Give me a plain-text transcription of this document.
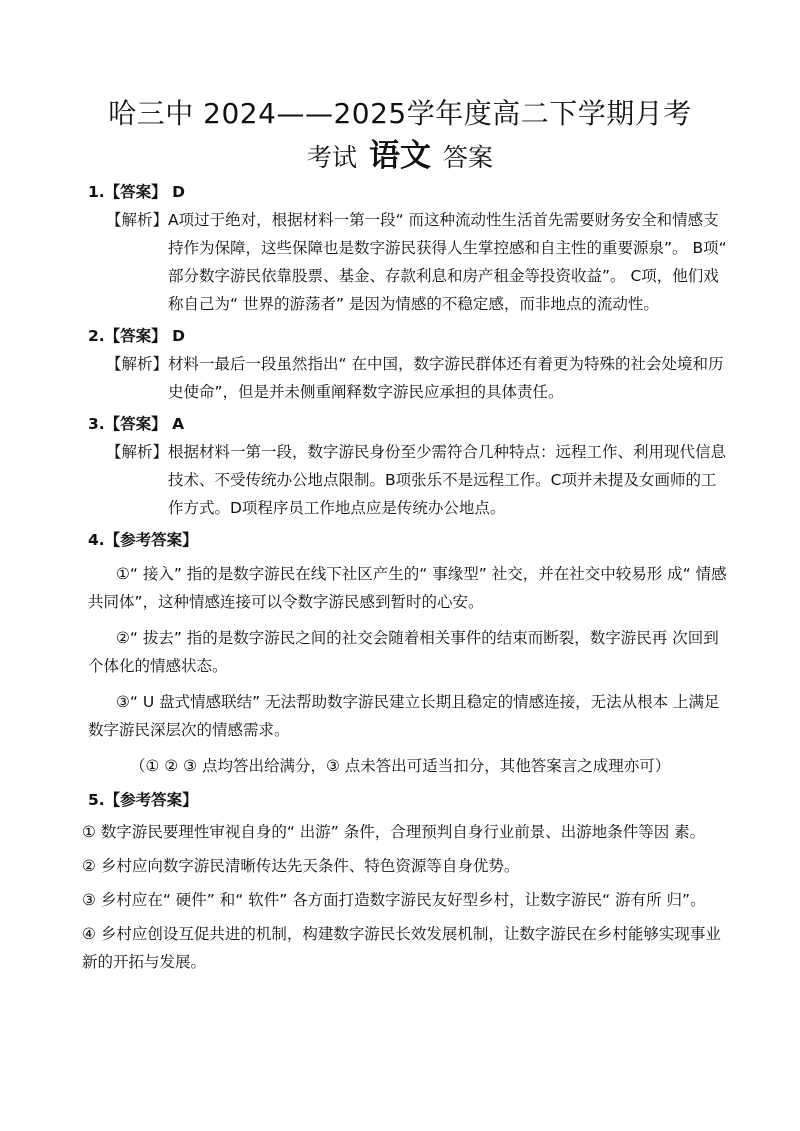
哈三中 2024——2025学年度高二下学期月考
考试 语文 答案
1.【答案】 D
【解析】 A项过于绝对，根据材料一第一段“ 而这种流动性生活首先需要财务安全和情感支持作为保障，这些保障也是数字游民获得人生掌控感和自主性的重要源泉”。 B项“ 部分数字游民依靠股票、基金、存款利息和房产租金等投资收益”。 C项，他们戏称自己为“ 世界的游荡者” 是因为情感的不稳定感，而非地点的流动性。
2.【答案】 D
【解析】 材料一最后一段虽然指出“ 在中国，数字游民群体还有着更为特殊的社会处境和历史使命”，但是并未侧重阐释数字游民应承担的具体责任。
3.【答案】 A
【解析】 根据材料一第一段，数字游民身份至少需符合几种特点：远程工作、利用现代信息技术、不受传统办公地点限制。B项张乐不是远程工作。C项并未提及女画师的工作方式。D项程序员工作地点应是传统办公地点。
4.【参考答案】
①“ 接入” 指的是数字游民在线下社区产生的“ 事缘型” 社交，并在社交中较易形 成“ 情感共同体”，这种情感连接可以令数字游民感到暂时的心安。
②“ 拔去” 指的是数字游民之间的社交会随着相关事件的结束而断裂，数字游民再 次回到个体化的情感状态。
③“ U 盘式情感联结” 无法帮助数字游民建立长期且稳定的情感连接，无法从根本 上满足数字游民深层次的情感需求。
（① ② ③ 点均答出给满分，③ 点未答出可适当扣分，其他答案言之成理亦可）
5.【参考答案】
① 数字游民要理性审视自身的“ 出游” 条件，合理预判自身行业前景、出游地条件等因 素。
② 乡村应向数字游民清晰传达先天条件、特色资源等自身优势。
③ 乡村应在“ 硬件” 和“ 软件” 各方面打造数字游民友好型乡村，让数字游民“ 游有所 归”。
④ 乡村应创设互促共进的机制，构建数字游民长效发展机制，让数字游民在乡村能够实现事业新的开拓与发展。
